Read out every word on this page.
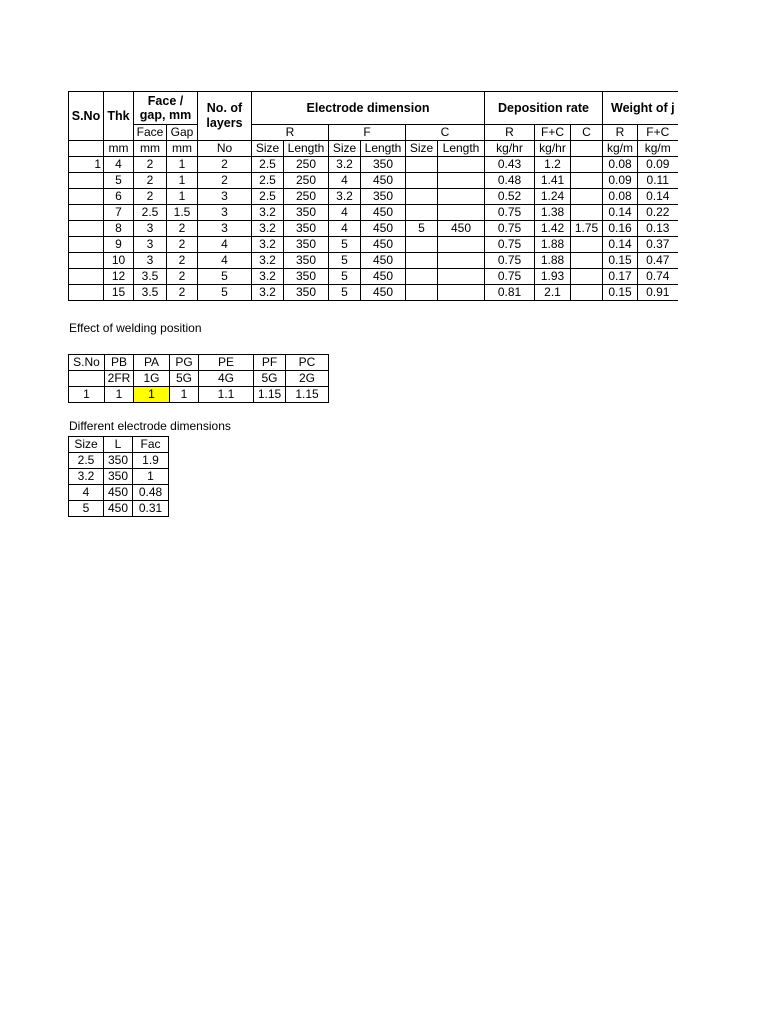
S.No	Thk	Face / gap, mm		No. of layers	Electrode dimension						Deposition rate			Weight of j	
		Face	Gap		R		F		C		R	F+C	C	R	F+C
	mm	mm	mm	No	Size	Length	Size	Length	Size	Length	kg/hr	kg/hr		kg/m	kg/m
1	4	2	1	2	2.5	250	3.2	350			0.43	1.2		0.08	0.09
	5	2	1	2	2.5	250	4	450			0.48	1.41		0.09	0.11
	6	2	1	3	2.5	250	3.2	350			0.52	1.24		0.08	0.14
	7	2.5	1.5	3	3.2	350	4	450			0.75	1.38		0.14	0.22
	8	3	2	3	3.2	350	4	450	5	450	0.75	1.42	1.75	0.16	0.13
	9	3	2	4	3.2	350	5	450			0.75	1.88		0.14	0.37
	10	3	2	4	3.2	350	5	450			0.75	1.88		0.15	0.47
	12	3.5	2	5	3.2	350	5	450			0.75	1.93		0.17	0.74
	15	3.5	2	5	3.2	350	5	450			0.81	2.1		0.15	0.91
Effect of welding position
S.No	PB	PA	PG	PE	PF	PC
	2FR	1G	5G	4G	5G	2G
1	1	1	1	1.1	1.15	1.15
Different electrode dimensions
Size	L	Fac
2.5	350	1.9
3.2	350	1
4	450	0.48
5	450	0.31
